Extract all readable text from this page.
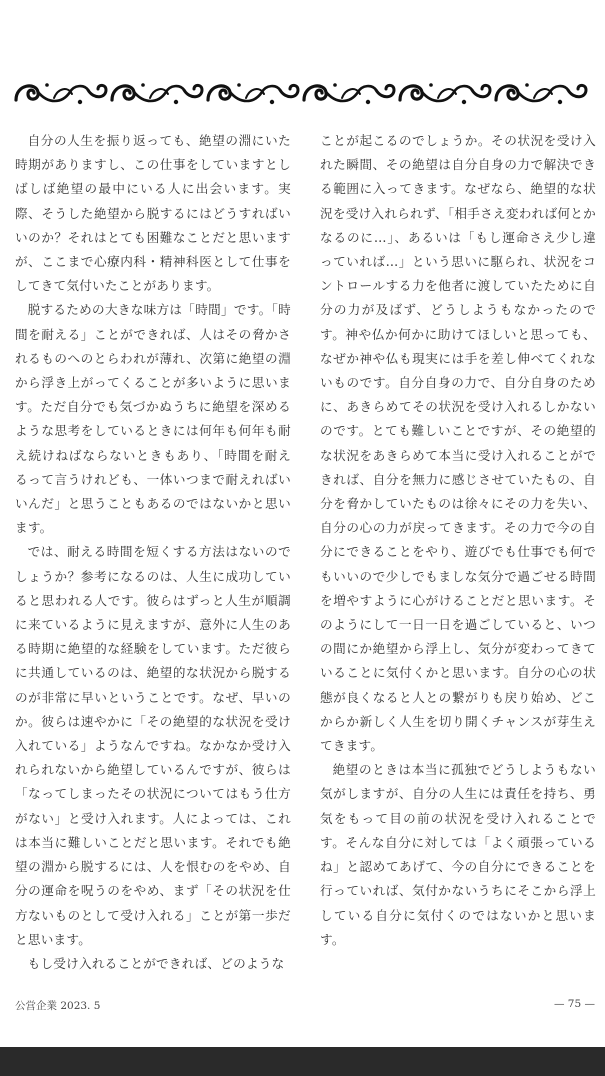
自分の人生を振り返っても、絶望の淵にいた時期がありますし、この仕事をしていますとしばしば絶望の最中にいる人に出会います。実際、そうした絶望から脱するにはどうすればいいのか？それはとても困難なことだと思いますが、ここまで心療内科・精神科医として仕事をしてきて気付いたことがあります。

脱するための大きな味方は「時間」です。「時間を耐える」ことができれば、人はその脅かされるものへのとらわれが薄れ、次第に絶望の淵から浮き上がってくることが多いように思います。ただ自分でも気づかぬうちに絶望を深めるような思考をしているときには何年も何年も耐え続けねばならないときもあり、「時間を耐えるって言うけれども、一体いつまで耐えればいいんだ」と思うこともあるのではないかと思います。

では、耐える時間を短くする方法はないのでしょうか？参考になるのは、人生に成功していると思われる人です。彼らはずっと人生が順調に来ているように見えますが、意外に人生のある時期に絶望的な経験をしています。ただ彼らに共通しているのは、絶望的な状況から脱するのが非常に早いということです。なぜ、早いのか。彼らは速やかに「その絶望的な状況を受け入れている」ようなんですね。なかなか受け入れられないから絶望しているんですが、彼らは「なってしまったその状況についてはもう仕方がない」と受け入れます。人によっては、これは本当に難しいことだと思います。それでも絶望の淵から脱するには、人を恨むのをやめ、自分の運命を呪うのをやめ、まず「その状況を仕方ないものとして受け入れる」ことが第一歩だと思います。

もし受け入れることができれば、どのような

ことが起こるのでしょうか。その状況を受け入れた瞬間、その絶望は自分自身の力で解決できる範囲に入ってきます。なぜなら、絶望的な状況を受け入れられず、「相手さえ変われば何とかなるのに…」、あるいは「もし運命さえ少し違っていれば…」という思いに駆られ、状況をコントロールする力を他者に渡していたために自分の力が及ばず、どうしようもなかったのです。神や仏か何かに助けてほしいと思っても、なぜか神や仏も現実には手を差し伸べてくれないものです。自分自身の力で、自分自身のために、あきらめてその状況を受け入れるしかないのです。とても難しいことですが、その絶望的な状況をあきらめて本当に受け入れることができれば、自分を無力に感じさせていたもの、自分を脅かしていたものは徐々にその力を失い、自分の心の力が戻ってきます。その力で今の自分にできることをやり、遊びでも仕事でも何でもいいので少しでもましな気分で過ごせる時間を増やすように心がけることだと思います。そのようにして一日一日を過ごしていると、いつの間にか絶望から浮上し、気分が変わってきていることに気付くかと思います。自分の心の状態が良くなると人との繋がりも戻り始め、どこからか新しく人生を切り開くチャンスが芽生えてきます。

絶望のときは本当に孤独でどうしようもない気がしますが、自分の人生には責任を持ち、勇気をもって目の前の状況を受け入れることです。そんな自分に対しては「よく頑張っているね」と認めてあげて、今の自分にできることを行っていれば、気付かないうちにそこから浮上している自分に気付くのではないかと思います。

公営企業 2023. 5	— 75 —
